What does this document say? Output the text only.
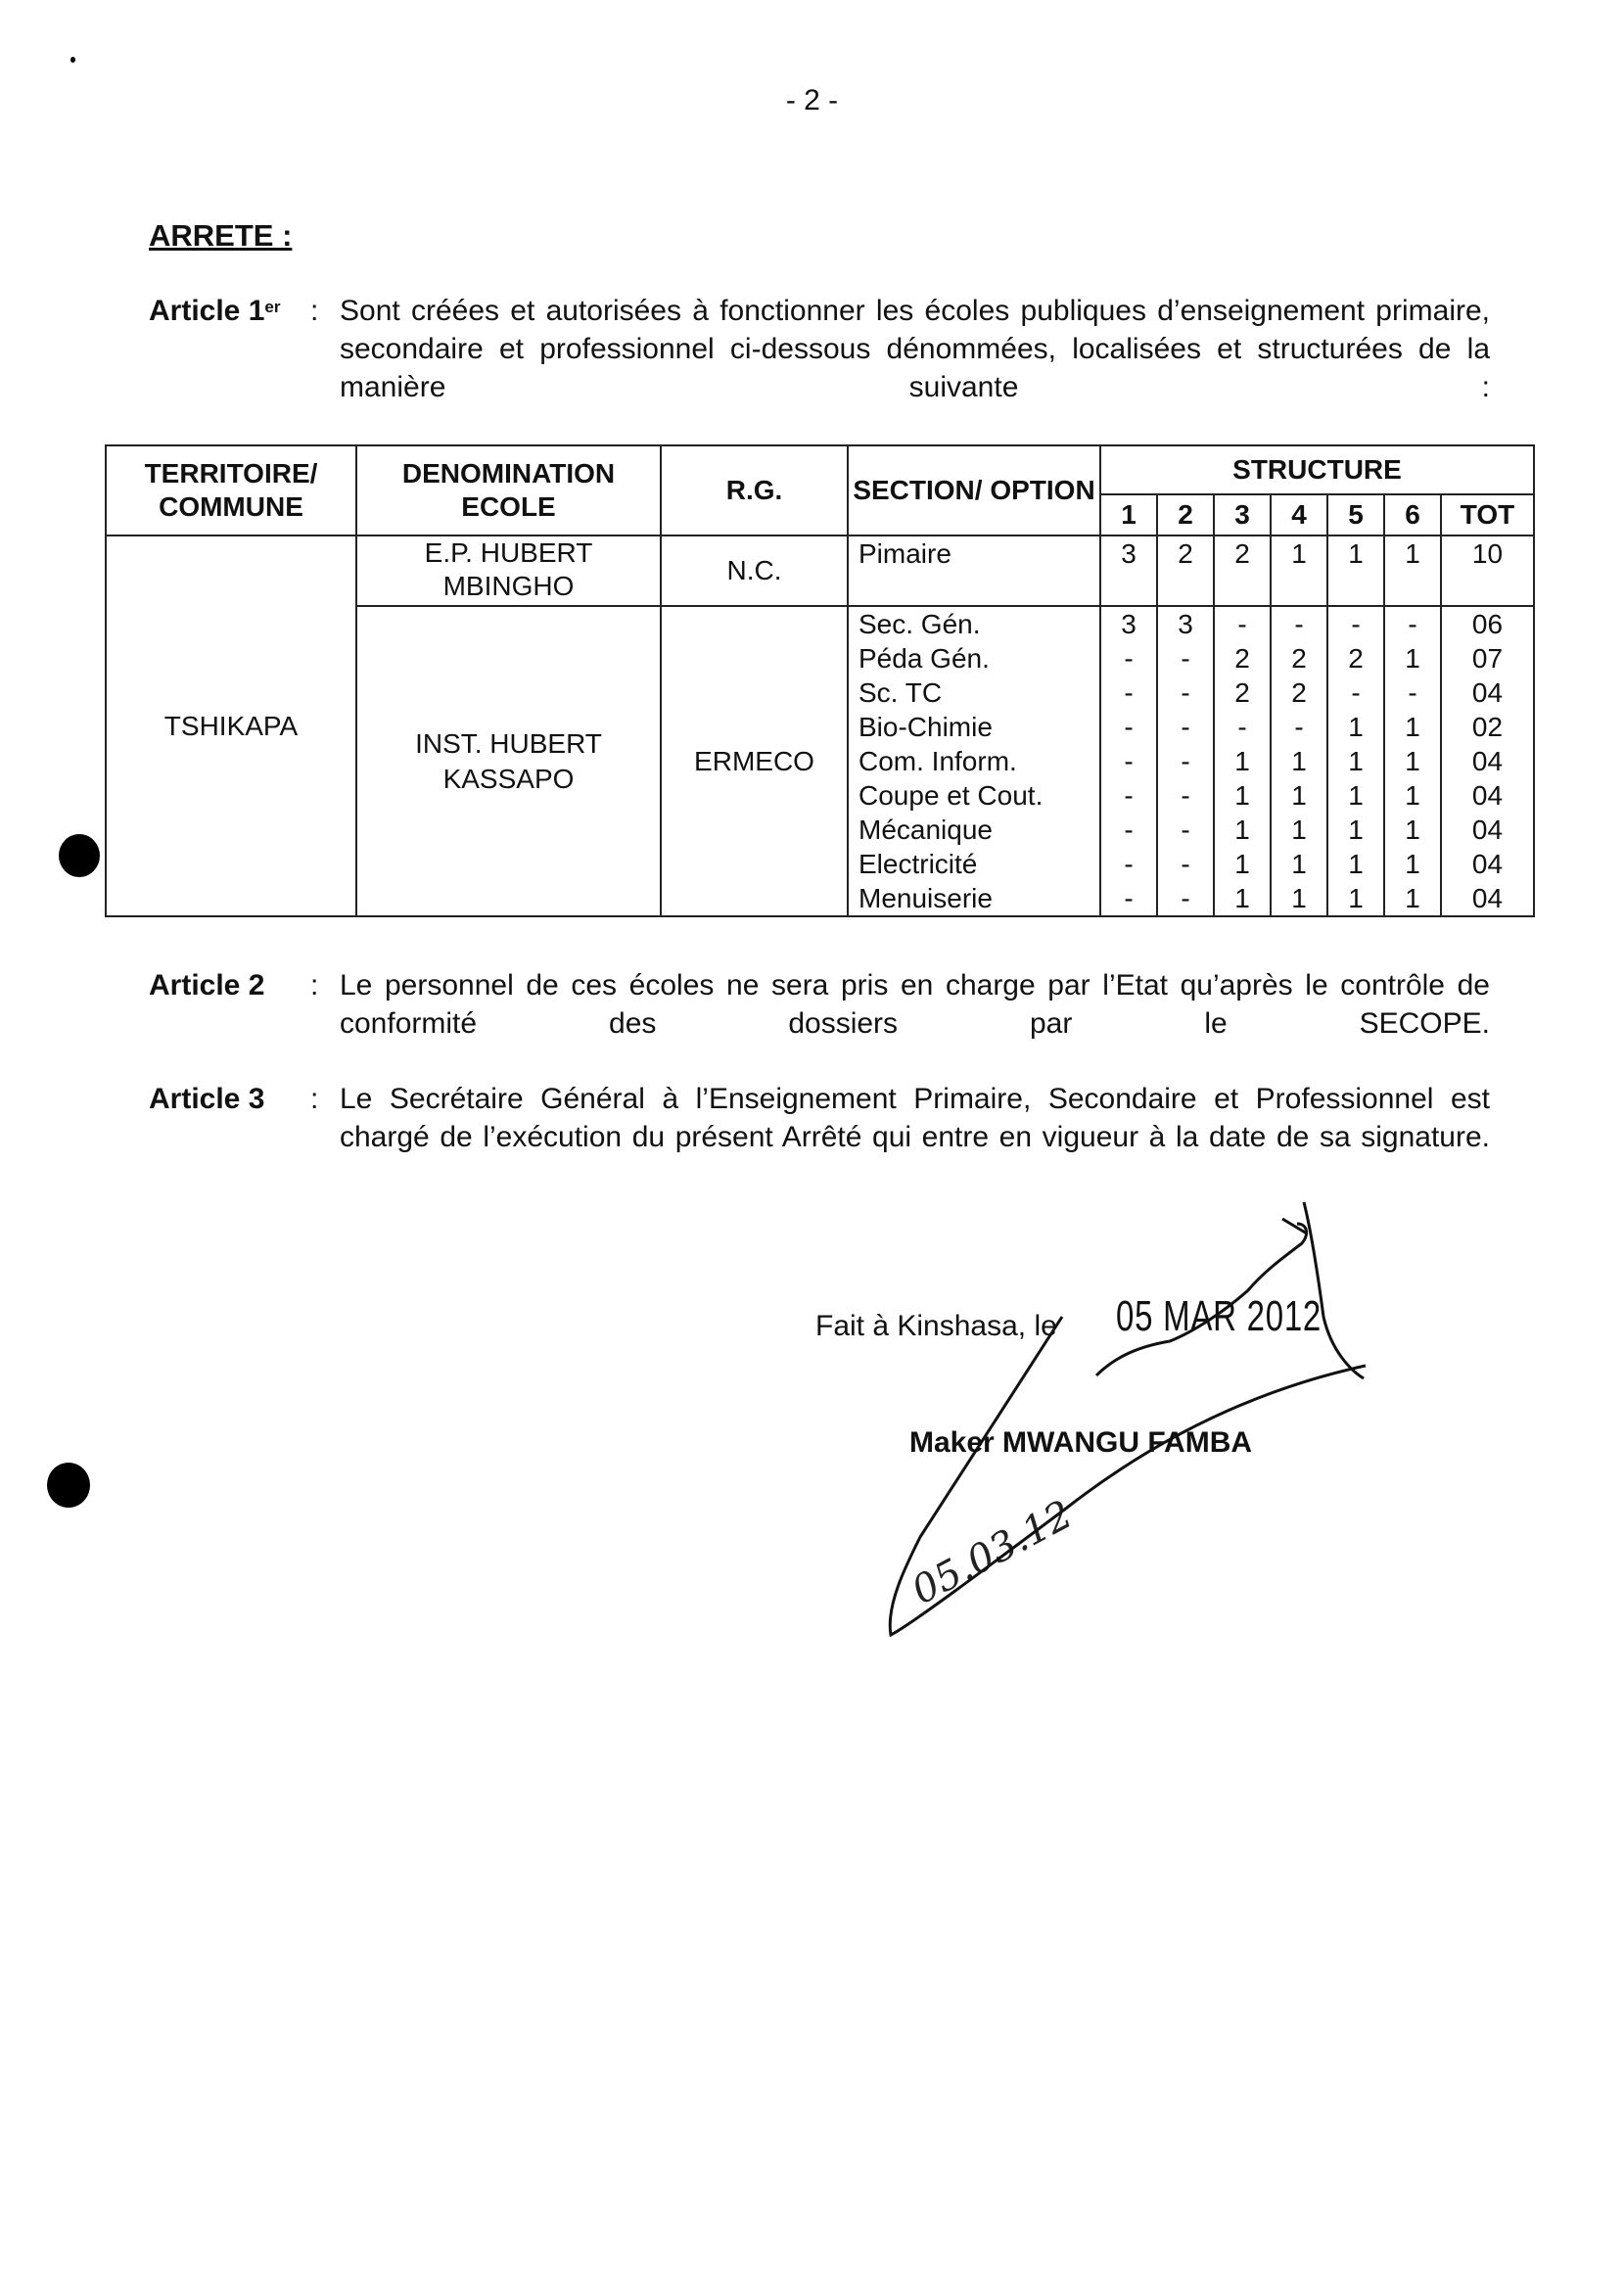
- 2 -
ARRETE :
Article 1er : Sont créées et autorisées à fonctionner les écoles publiques d’enseignement primaire, secondaire et professionnel ci-dessous dénommées, localisées et structurées de la manière suivante :
TERRITOIRE/ COMMUNE	DENOMINATION ECOLE	R.G.	SECTION/ OPTION	STRUCTURE						
				1	2	3	4	5	6	TOT
TSHIKAPA	E.P. HUBERT MBINGHO	N.C.	Pimaire	3	2	2	1	1	1	10
	INST. HUBERT KASSAPO	ERMECO	Sec. Gén.	3	3	-	-	-	-	06
			Péda Gén.	-	-	2	2	2	1	07
			Sc. TC	-	-	2	2	-	-	04
			Bio-Chimie	-	-	-	-	1	1	02
			Com. Inform.	-	-	1	1	1	1	04
			Coupe et Cout.	-	-	1	1	1	1	04
			Mécanique	-	-	1	1	1	1	04
			Electricité	-	-	1	1	1	1	04
			Menuiserie	-	-	1	1	1	1	04
Article 2 : Le personnel de ces écoles ne sera pris en charge par l’Etat qu’après le contrôle de conformité des dossiers par le SECOPE.
Article 3 : Le Secrétaire Général à l’Enseignement Primaire, Secondaire et Professionnel est chargé de l’exécution du présent Arrêté qui entre en vigueur à la date de sa signature.
Fait à Kinshasa, le
Maker MWANGU FAMBA
05 MAR 2012
05.03.12
